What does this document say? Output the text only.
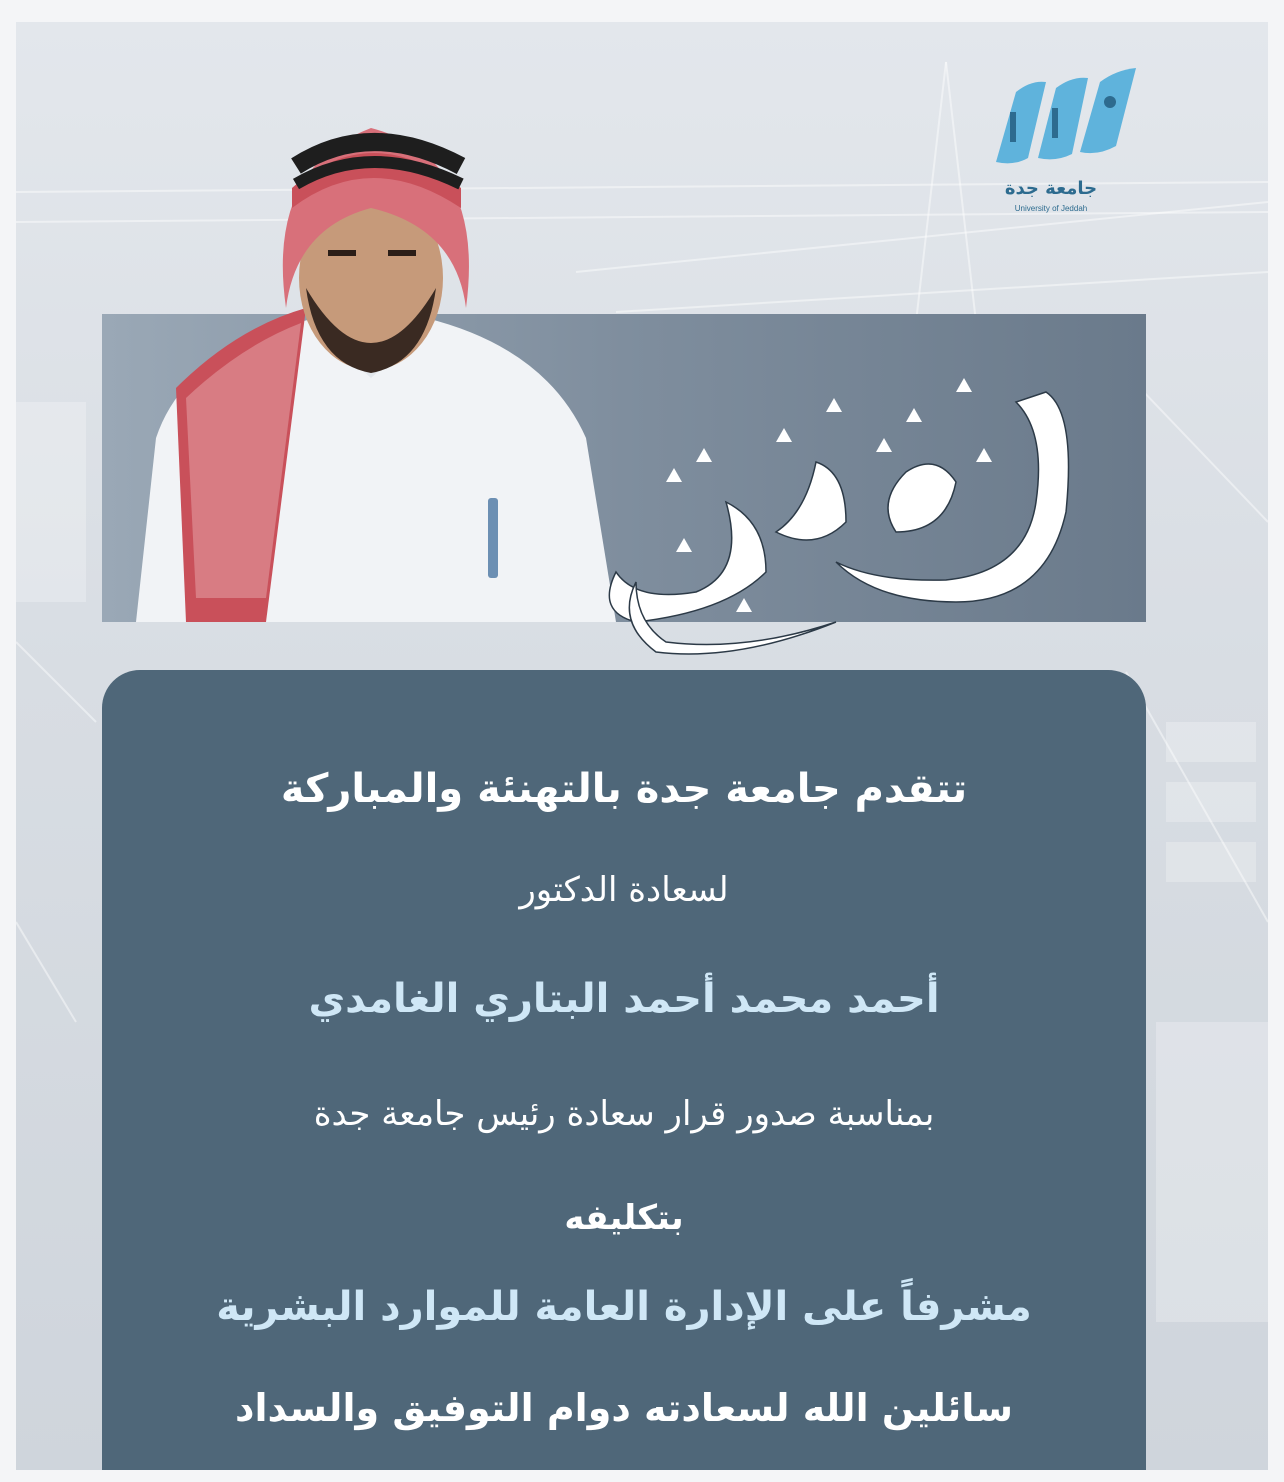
جامعة جدة
University of Jeddah

تتقدم جامعة جدة بالتهنئة والمباركة

لسعادة الدكتور

أحمد محمد أحمد البتاري الغامدي

بمناسبة صدور قرار سعادة رئيس جامعة جدة

بتكليفه

مشرفاً على الإدارة العامة للموارد البشرية

سائلين الله لسعادته دوام التوفيق والسداد
